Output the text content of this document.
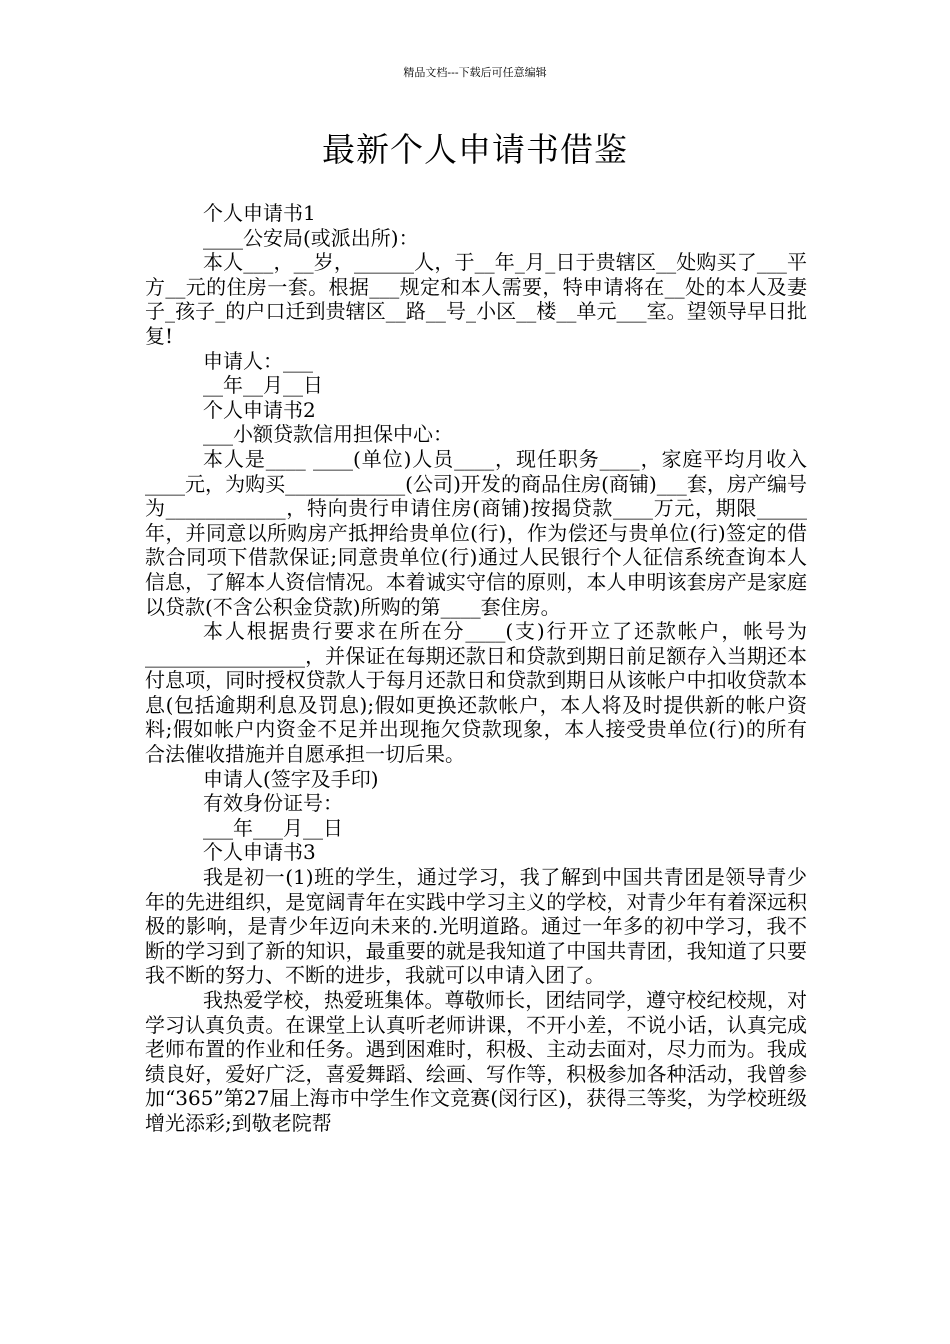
精品文档---下载后可任意编辑
最新个人申请书借鉴

个人申请书1

____公安局(或派出所)：

本人___，__岁，______人，于__年_月_日于贵辖区__处购买了___平方__元的住房一套。根据___规定和本人需要，特申请将在__处的本人及妻子_孩子_的户口迁到贵辖区__路__号_小区__楼__单元___室。望领导早日批复!

申请人：___

__年__月__日

个人申请书2

___小额贷款信用担保中心：

本人是____ ____(单位)人员____，现任职务____，家庭平均月收入____元，为购买____________(公司)开发的商品住房(商铺)___套，房产编号为____________，特向贵行申请住房(商铺)按揭贷款____万元，期限_____年，并同意以所购房产抵押给贵单位(行)，作为偿还与贵单位(行)签定的借款合同项下借款保证;同意贵单位(行)通过人民银行个人征信系统查询本人信息，了解本人资信情况。本着诚实守信的原则，本人申明该套房产是家庭以贷款(不含公积金贷款)所购的第____套住房。

本人根据贵行要求在所在分____(支)行开立了还款帐户，帐号为________________，并保证在每期还款日和贷款到期日前足额存入当期还本付息项，同时授权贷款人于每月还款日和贷款到期日从该帐户中扣收贷款本息(包括逾期利息及罚息);假如更换还款帐户，本人将及时提供新的帐户资料;假如帐户内资金不足并出现拖欠贷款现象，本人接受贵单位(行)的所有合法催收措施并自愿承担一切后果。

申请人(签字及手印)

有效身份证号：

___年___月__日

个人申请书3

我是初一(1)班的学生，通过学习，我了解到中国共青团是领导青少年的先进组织，是宽阔青年在实践中学习主义的学校，对青少年有着深远积极的影响，是青少年迈向未来的.光明道路。通过一年多的初中学习，我不断的学习到了新的知识，最重要的就是我知道了中国共青团，我知道了只要我不断的努力、不断的进步，我就可以申请入团了。

我热爱学校，热爱班集体。尊敬师长，团结同学，遵守校纪校规，对学习认真负责。在课堂上认真听老师讲课，不开小差，不说小话，认真完成老师布置的作业和任务。遇到困难时，积极、主动去面对，尽力而为。我成绩良好，爱好广泛，喜爱舞蹈、绘画、写作等，积极参加各种活动，我曾参加“365”第27届上海市中学生作文竞赛(闵行区)，获得三等奖，为学校班级增光添彩;到敬老院帮
